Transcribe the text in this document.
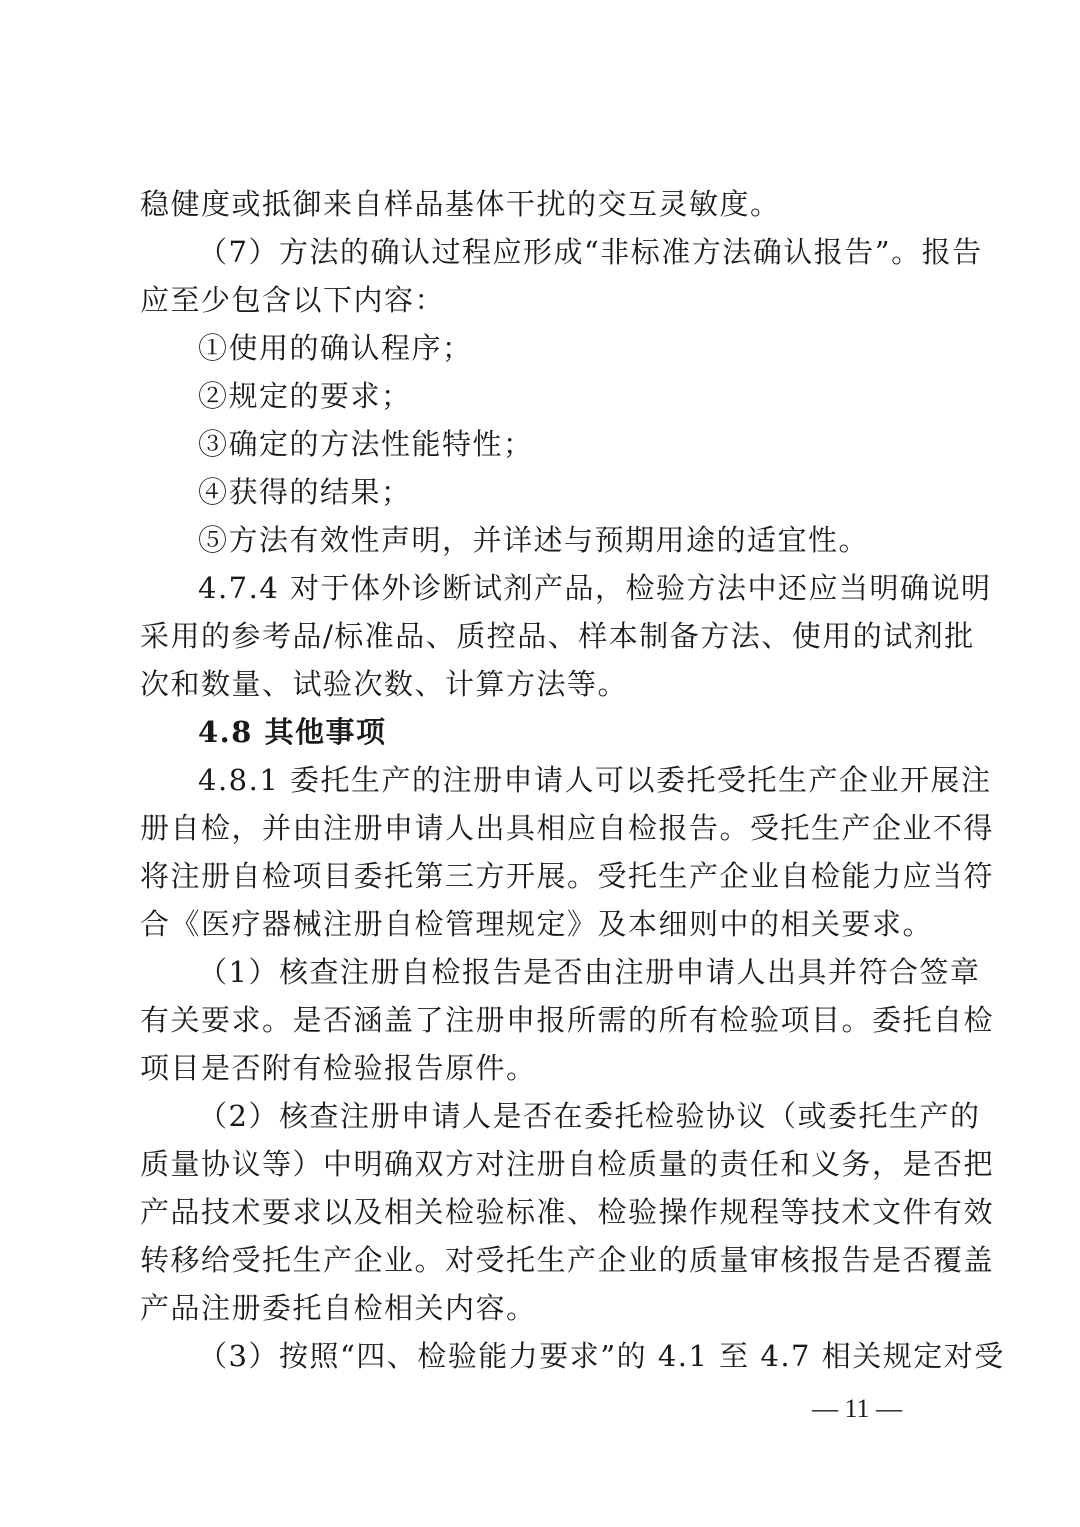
稳健度或抵御来自样品基体干扰的交互灵敏度。
（7）方法的确认过程应形成“非标准方法确认报告”。报告
应至少包含以下内容：
①使用的确认程序；
②规定的要求；
③确定的方法性能特性；
④获得的结果；
⑤方法有效性声明，并详述与预期用途的适宜性。
4.7.4 对于体外诊断试剂产品，检验方法中还应当明确说明
采用的参考品/标准品、质控品、样本制备方法、使用的试剂批
次和数量、试验次数、计算方法等。
4.8 其他事项
4.8.1 委托生产的注册申请人可以委托受托生产企业开展注
册自检，并由注册申请人出具相应自检报告。受托生产企业不得
将注册自检项目委托第三方开展。受托生产企业自检能力应当符
合《医疗器械注册自检管理规定》及本细则中的相关要求。
（1）核查注册自检报告是否由注册申请人出具并符合签章
有关要求。是否涵盖了注册申报所需的所有检验项目。委托自检
项目是否附有检验报告原件。
（2）核查注册申请人是否在委托检验协议（或委托生产的
质量协议等）中明确双方对注册自检质量的责任和义务，是否把
产品技术要求以及相关检验标准、检验操作规程等技术文件有效
转移给受托生产企业。对受托生产企业的质量审核报告是否覆盖
产品注册委托自检相关内容。
（3）按照“四、检验能力要求”的 4.1 至 4.7 相关规定对受
— 11 —
